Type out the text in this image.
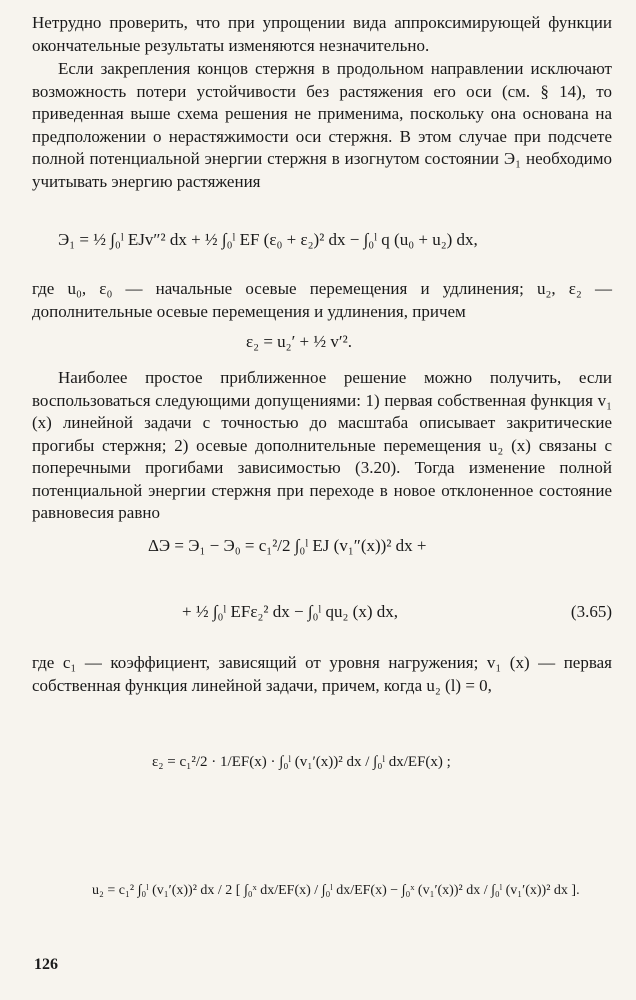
Нетрудно проверить, что при упрощении вида аппроксимирующей функции окончательные результаты изменяются незначительно.

Если закрепления концов стержня в продольном направлении исключают возможность потери устойчивости без растяжения его оси (см. § 14), то приведенная выше схема решения не применима, поскольку она основана на предположении о нерастяжимости оси стержня. В этом случае при подсчете полной потенциальной энергии стержня в изогнутом состоянии Э₁ необходимо учитывать энергию растяжения

Э₁ = ½ ∫₀ˡ EJv″² dx + ½ ∫₀ˡ EF (ε₀ + ε₂)² dx − ∫₀ˡ q (u₀ + u₂) dx,

где u₀, ε₀ — начальные осевые перемещения и удлинения; u₂, ε₂ — дополнительные осевые перемещения и удлинения, причем

ε₂ = u₂′ + ½ v′².

Наиболее простое приближенное решение можно получить, если воспользоваться следующими допущениями: 1) первая собственная функция v₁ (x) линейной задачи с точностью до масштаба описывает закритические прогибы стержня; 2) осевые дополнительные перемещения u₂ (x) связаны с поперечными прогибами зависимостью (3.20). Тогда изменение полной потенциальной энергии стержня при переходе в новое отклоненное состояние равновесия равно

ΔЭ = Э₁ − Э₀ = c₁²/2 ∫₀ˡ EJ (v₁″(x))² dx +
+ ½ ∫₀ˡ EFε₂² dx − ∫₀ˡ qu₂ (x) dx,	(3.65)

где c₁ — коэффициент, зависящий от уровня нагружения; v₁ (x) — первая собственная функция линейной задачи, причем, когда u₂ (l) = 0,

ε₂ = c₁²/2 · 1/EF(x) · ∫₀ˡ (v₁′(x))² dx / ∫₀ˡ dx/EF(x) ;
u₂ = c₁² ∫₀ˡ (v₁′(x))² dx / 2 [ ∫₀ˣ dx/EF(x) / ∫₀ˡ dx/EF(x) − ∫₀ˣ (v₁′(x))² dx / ∫₀ˡ (v₁′(x))² dx ].
126
